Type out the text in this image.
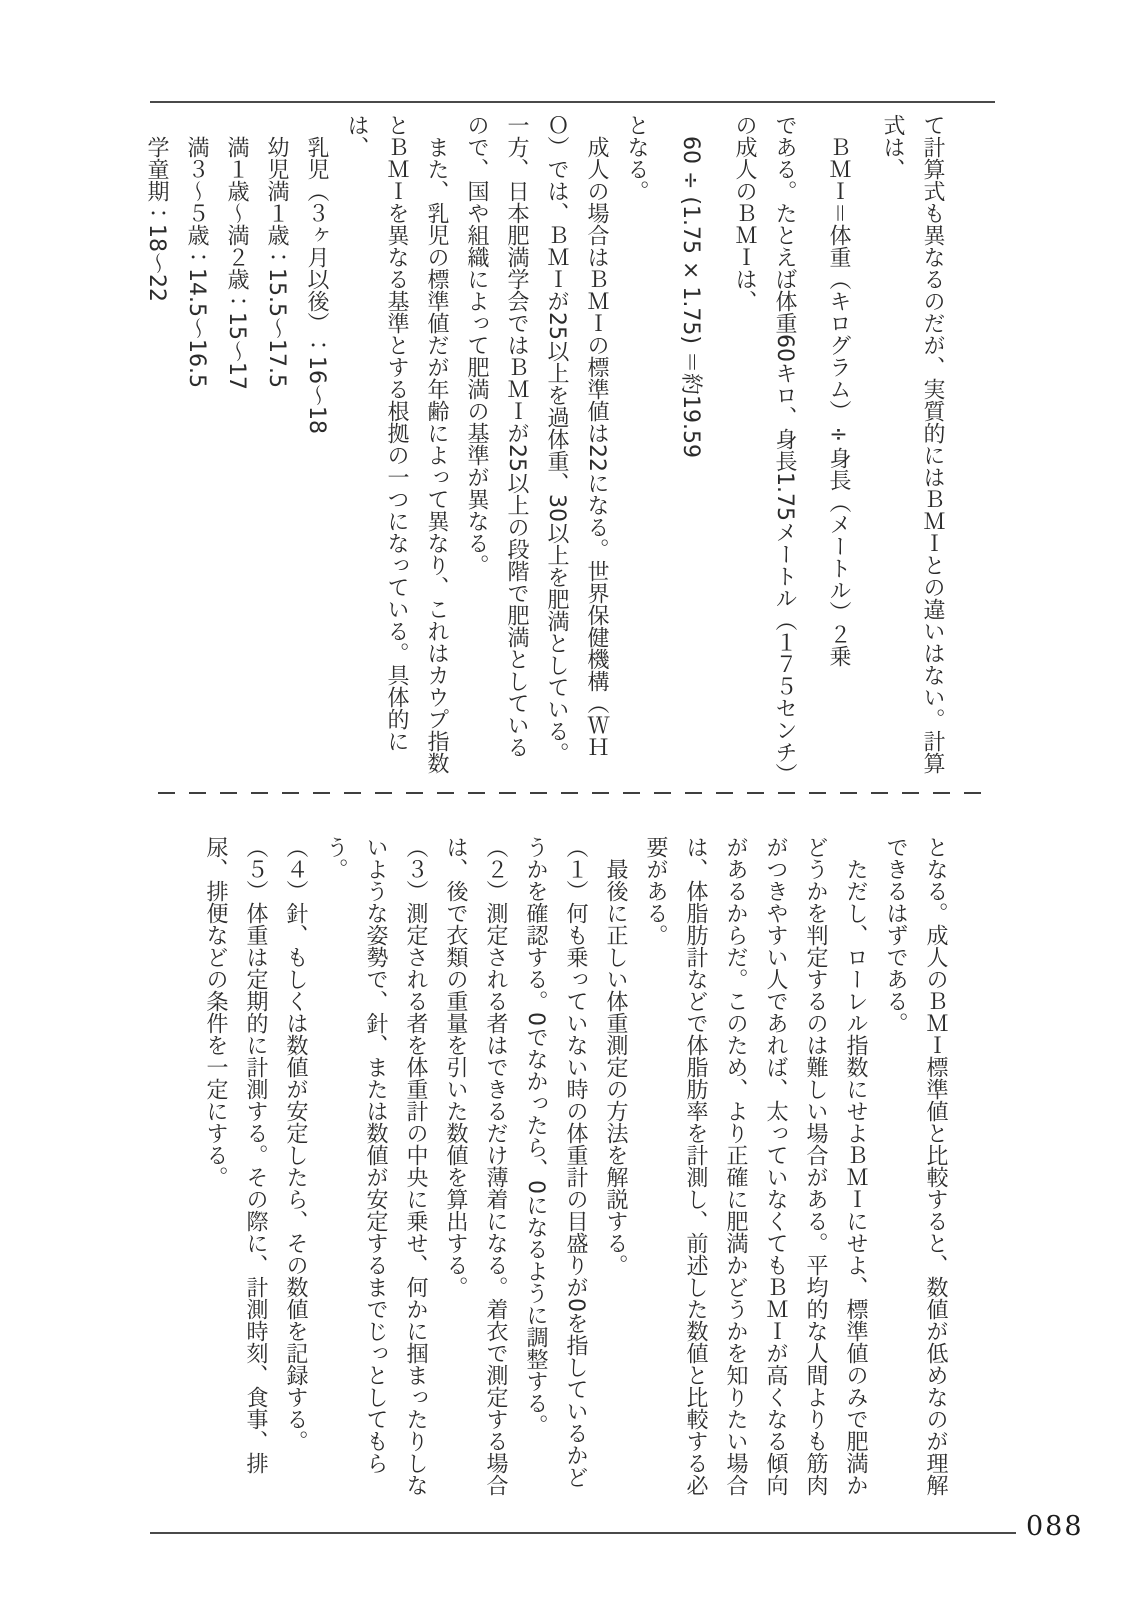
て計算式も異なるのだが、実質的にはＢＭＩとの違いはない。計算式は、

ＢＭＩ＝体重（キログラム）÷身長（メートル）２乗

である。たとえば体重60キロ、身長1.75メートル（１７５センチ）の成人のＢＭＩは、

60 ÷ (1.75 × 1.75) ＝約19.59

となる。

成人の場合はＢＭＩの標準値は22になる。世界保健機構（ＷＨＯ）では、ＢＭＩが25以上を過体重、30以上を肥満としている。一方、日本肥満学会ではＢＭＩが25以上の段階で肥満としているので、国や組織によって肥満の基準が異なる。

また、乳児の標準値だが年齢によって異なり、これはカウプ指数とＢＭＩを異なる基準とする根拠の一つになっている。具体的には、

乳児（３ヶ月以後）：16～18

幼児満１歳：15.5～17.5

満１歳～満２歳：15～17

満３～５歳：14.5～16.5

学童期：18～22

となる。成人のＢＭＩ標準値と比較すると、数値が低めなのが理解できるはずである。

ただし、ローレル指数にせよＢＭＩにせよ、標準値のみで肥満かどうかを判定するのは難しい場合がある。平均的な人間よりも筋肉がつきやすい人であれば、太っていなくてもＢＭＩが高くなる傾向があるからだ。このため、より正確に肥満かどうかを知りたい場合は、体脂肪計などで体脂肪率を計測し、前述した数値と比較する必要がある。

最後に正しい体重測定の方法を解説する。

（１）何も乗っていない時の体重計の目盛りが0を指しているかどうかを確認する。0でなかったら、0になるように調整する。

（２）測定される者はできるだけ薄着になる。着衣で測定する場合は、後で衣類の重量を引いた数値を算出する。

（３）測定される者を体重計の中央に乗せ、何かに掴まったりしないような姿勢で、針、または数値が安定するまでじっとしてもらう。

（４）針、もしくは数値が安定したら、その数値を記録する。

（５）体重は定期的に計測する。その際に、計測時刻、食事、排尿、排便などの条件を一定にする。

088
